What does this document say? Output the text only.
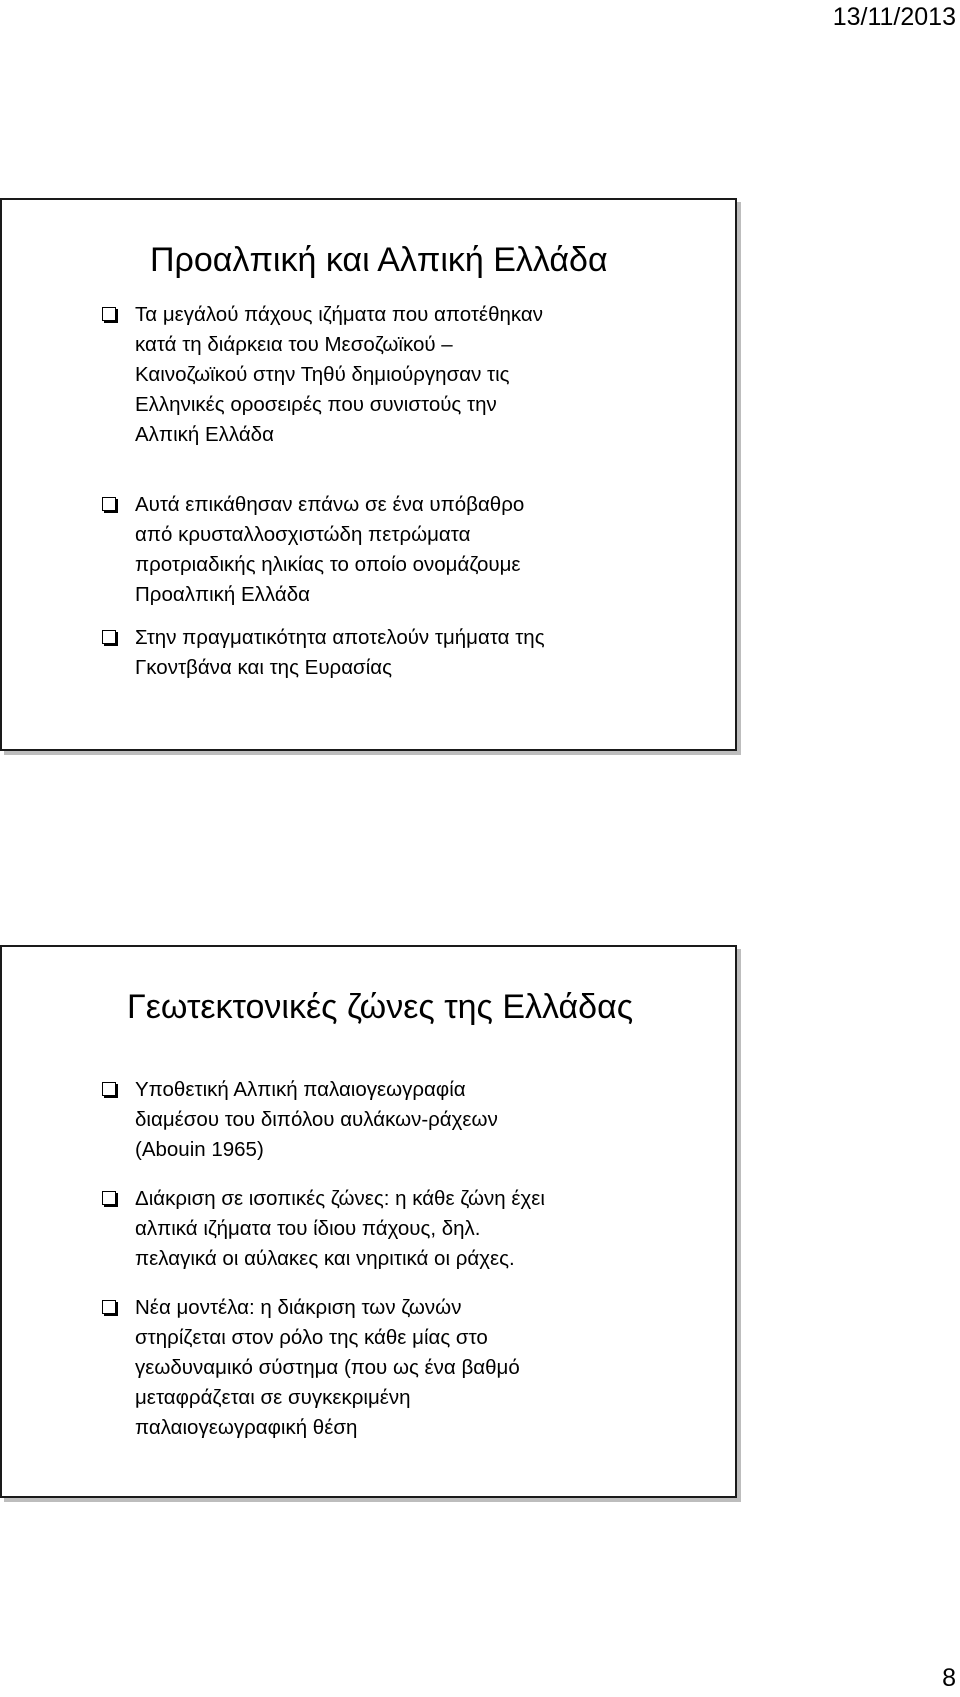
13/11/2013
Προαλπική και Αλπική Ελλάδα
Τα μεγάλού πάχους ιζήματα που αποτέθηκαν
κατά τη διάρκεια του Μεσοζωϊκού –
Καινοζωϊκού στην Τηθύ δημιούργησαν τις
Ελληνικές οροσειρές που συνιστούς την
Αλπική Ελλάδα
Αυτά επικάθησαν επάνω σε ένα υπόβαθρο
από κρυσταλλοσχιστώδη πετρώματα
προτριαδικής ηλικίας το οποίο ονομάζουμε
Προαλπική Ελλάδα
Στην πραγματικότητα αποτελούν τμήματα της
Γκοντβάνα και της Ευρασίας
Γεωτεκτονικές ζώνες της Ελλάδας
Υποθετική Αλπική παλαιογεωγραφία
διαμέσου του διπόλου αυλάκων-ράχεων
(Abouin 1965)
Διάκριση σε ισοπικές ζώνες: η κάθε ζώνη έχει
αλπικά ιζήματα του ίδιου πάχους, δηλ.
πελαγικά οι αύλακες και νηριτικά οι ράχες.
Νέα μοντέλα: η διάκριση των ζωνών
στηρίζεται στον ρόλο της κάθε μίας στο
γεωδυναμικό σύστημα (που ως ένα βαθμό
μεταφράζεται σε συγκεκριμένη
παλαιογεωγραφική θέση
8
